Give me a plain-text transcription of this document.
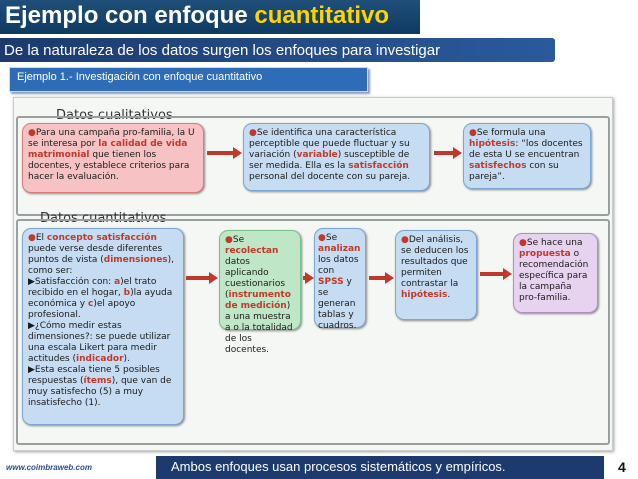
Ejemplo con enfoque cuantitativo
De la naturaleza de los datos surgen los enfoques para investigar
Ejemplo 1.- Investigación con enfoque cuantitativo
Datos cualitativos

●Para una campaña pro-familia, la U se interesa por la calidad de vida matrimonial que tienen los docentes, y establece criterios para hacer la evaluación.

●Se identifica una característica perceptible que puede fluctuar y su variación (variable) susceptible de ser medida. Ella es la satisfacción personal del docente con su pareja.

●Se formula una hipótesis: “los docentes de esta U se encuentran satisfechos con su pareja”.

Datos cuantitativos

●El concepto satisfacción puede verse desde diferentes puntos de vista (dimensiones), como ser:

▶Satisfacción con: a)el trato recibido en el hogar, b)la ayuda económica y c)el apoyo profesional.

▶¿Cómo medir estas dimensiones?: se puede utilizar una escala Likert para medir actitudes (indicador).

▶Esta escala tiene 5 posibles respuestas (ítems), que van de muy satisfecho (5) a muy insatisfecho (1).

●Se recolectan datos aplicando cuestionarios (instrumento de medición) a una muestra a o la totalidad de los docentes.

●Se analizan los datos con SPSS y se generan tablas y cuadros.

●Del análisis, se deducen los resultados que permiten contrastar la hipótesis.

●Se hace una propuesta o recomendación específica para la campaña pro-familia.

Ambos enfoques usan procesos sistemáticos y empíricos.
www.coimbraweb.com	4
